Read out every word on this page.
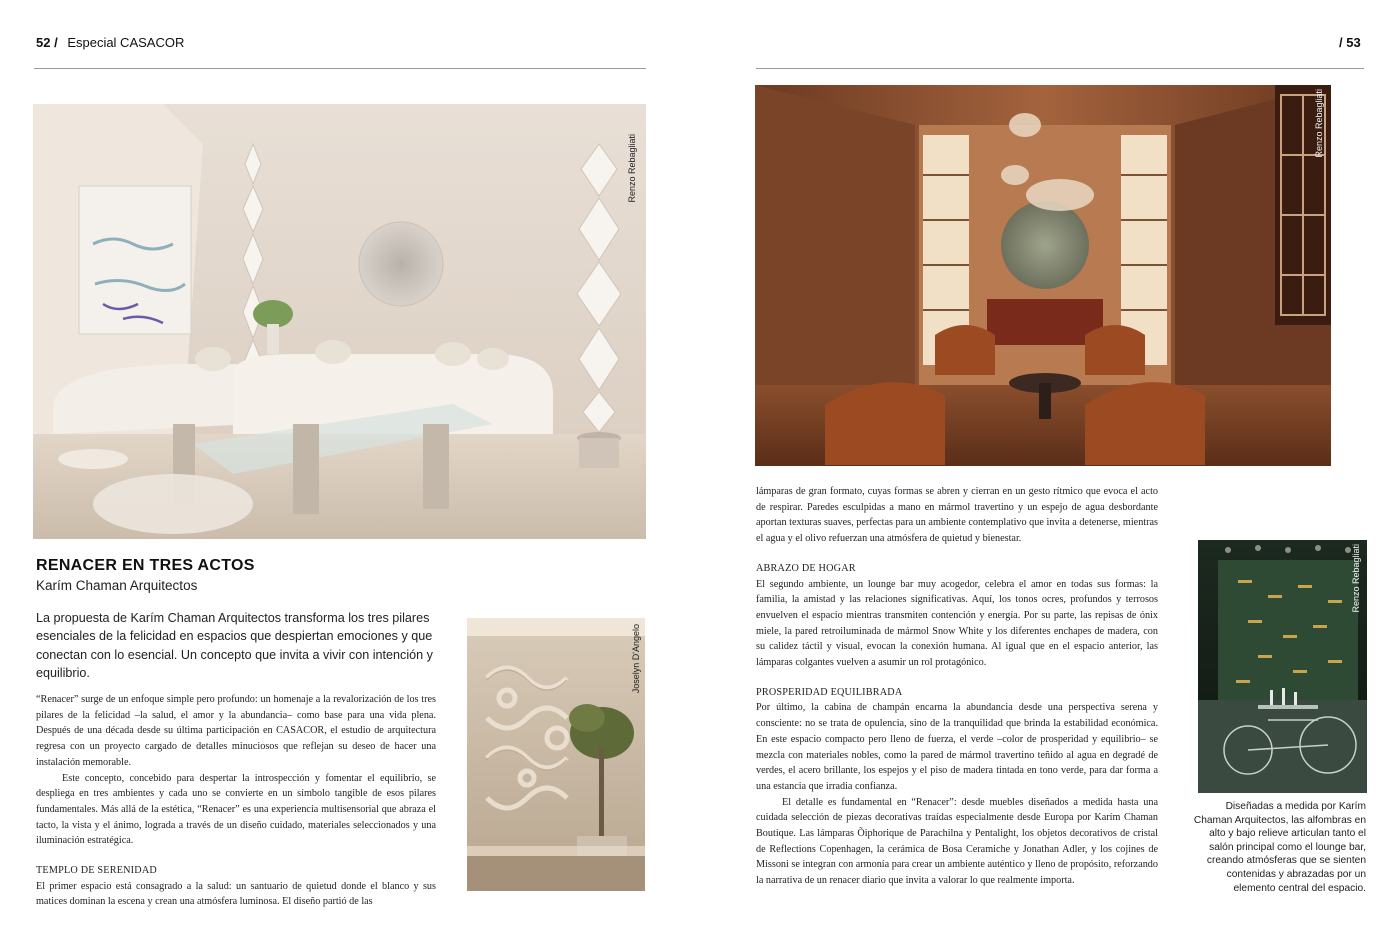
52 / Especial CASACOR	/ 53
Renzo Rebagliati
Renzo Rebagliati
Joselyn D'Angelo
Renzo Rebagliati
RENACER EN TRES ACTOS
Karím Chaman Arquitectos
La propuesta de Karím Chaman Arquitectos transforma los tres pilares esenciales de la felicidad en espacios que despiertan emociones y que conectan con lo esencial. Un concepto que invita a vivir con intención y equilibrio.

“Renacer” surge de un enfoque simple pero profundo: un homenaje a la revalorización de los tres pilares de la felicidad –la salud, el amor y la abundancia– como base para una vida plena. Después de una década desde su última participación en CASACOR, el estudio de arquitectura regresa con un proyecto cargado de detalles minuciosos que reflejan su deseo de hacer una instalación memorable.

Este concepto, concebido para despertar la introspección y fomentar el equilibrio, se despliega en tres ambientes y cada uno se convierte en un símbolo tangible de esos pilares fundamentales. Más allá de la estética, “Renacer” es una experiencia multisensorial que abraza el tacto, la vista y el ánimo, lograda a través de un diseño cuidado, materiales seleccionados y una iluminación estratégica.

TEMPLO DE SERENIDAD

El primer espacio está consagrado a la salud: un santuario de quietud donde el blanco y sus matices dominan la escena y crean una atmósfera luminosa. El diseño partió de las

lámparas de gran formato, cuyas formas se abren y cierran en un gesto rítmico que evoca el acto de respirar. Paredes esculpidas a mano en mármol travertino y un espejo de agua desbordante aportan texturas suaves, perfectas para un ambiente contemplativo que invita a detenerse, mientras el agua y el olivo refuerzan una atmósfera de quietud y bienestar.

ABRAZO DE HOGAR

El segundo ambiente, un lounge bar muy acogedor, celebra el amor en todas sus formas: la familia, la amistad y las relaciones significativas. Aquí, los tonos ocres, profundos y terrosos envuelven el espacio mientras transmiten contención y energía. Por su parte, las repisas de ónix miele, la pared retroiluminada de mármol Snow White y los diferentes enchapes de madera, con su calidez táctil y visual, evocan la conexión humana. Al igual que en el espacio anterior, las lámparas colgantes vuelven a asumir un rol protagónico.

PROSPERIDAD EQUILIBRADA

Por último, la cabina de champán encarna la abundancia desde una perspectiva serena y consciente: no se trata de opulencia, sino de la tranquilidad que brinda la estabilidad económica. En este espacio compacto pero lleno de fuerza, el verde –color de prosperidad y equilibrio– se mezcla con materiales nobles, como la pared de mármol travertino teñido al agua en degradé de verdes, el acero brillante, los espejos y el piso de madera tintada en tono verde, para dar forma a una estancia que irradia confianza.

El detalle es fundamental en “Renacer”: desde muebles diseñados a medida hasta una cuidada selección de piezas decorativas traídas especialmente desde Europa por Karím Chaman Boutique. Las lámparas Õiphorique de Parachilna y Pentalight, los objetos decorativos de cristal de Reflections Copenhagen, la cerámica de Bosa Ceramiche y Jonathan Adler, y los cojines de Missoni se integran con armonía para crear un ambiente auténtico y lleno de propósito, reforzando la narrativa de un renacer diario que invita a valorar lo que realmente importa.

Diseñadas a medida por Karím Chaman Arquitectos, las alfombras en alto y bajo relieve articulan tanto el salón principal como el lounge bar, creando atmósferas que se sienten contenidas y abrazadas por un elemento central del espacio.
